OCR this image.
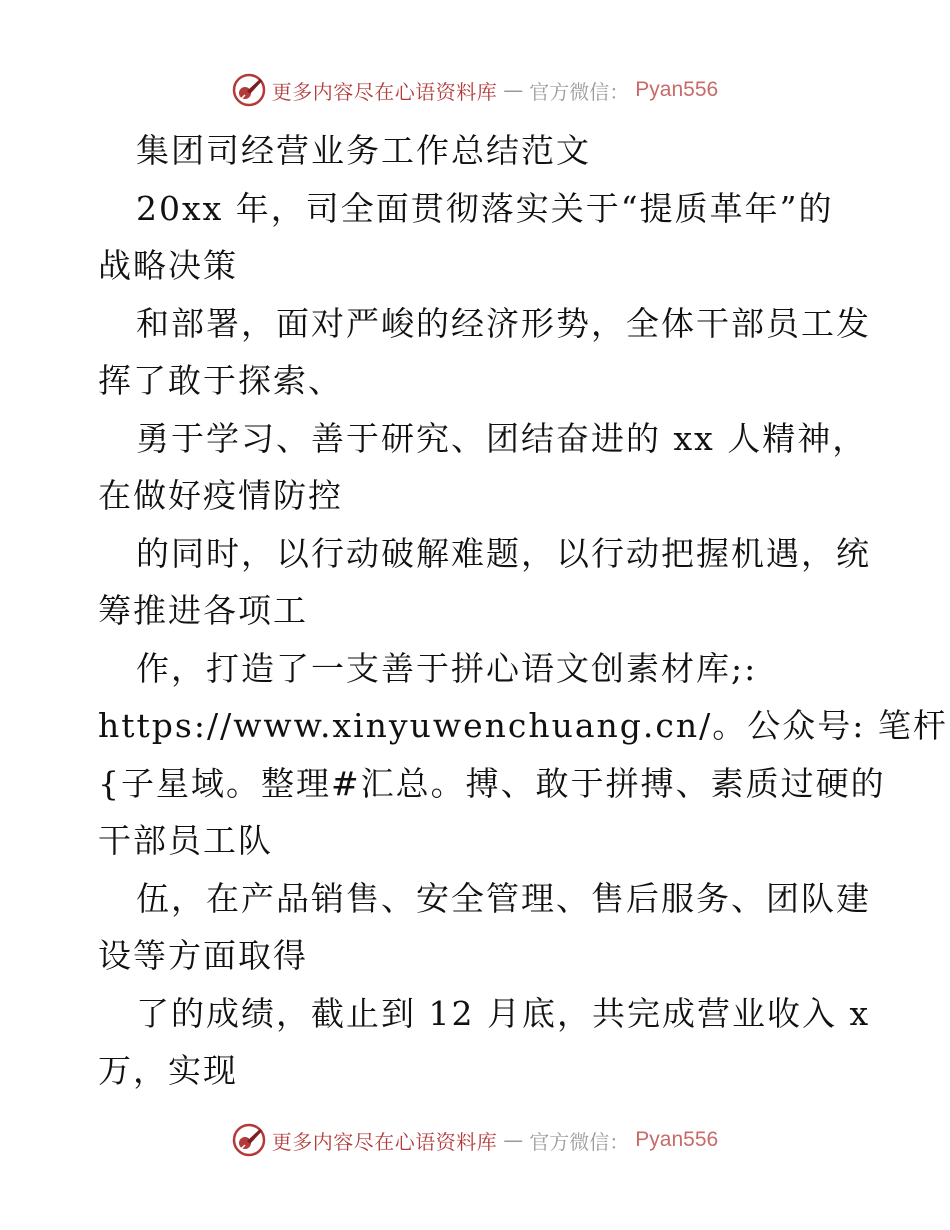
更多内容尽在心语资料库 — 官方微信： Pyan556
集团司经营业务工作总结范文
20xx 年，司全面贯彻落实关于“提质革年”的
战略决策
和部署，面对严峻的经济形势，全体干部员工发
挥了敢于探索、
勇于学习、善于研究、团结奋进的 xx 人精神，
在做好疫情防控
的同时，以行动破解难题，以行动把握机遇，统
筹推进各项工
作，打造了一支善于拼心语文创素材库;:
https://www.xinyuwenchuang.cn/。公众号: 笔杆
{子星域。整理#汇总。搏、敢于拼搏、素质过硬的
干部员工队
伍，在产品销售、安全管理、售后服务、团队建
设等方面取得
了的成绩，截止到 12 月底，共完成营业收入 x
万，实现
更多内容尽在心语资料库 — 官方微信： Pyan556
